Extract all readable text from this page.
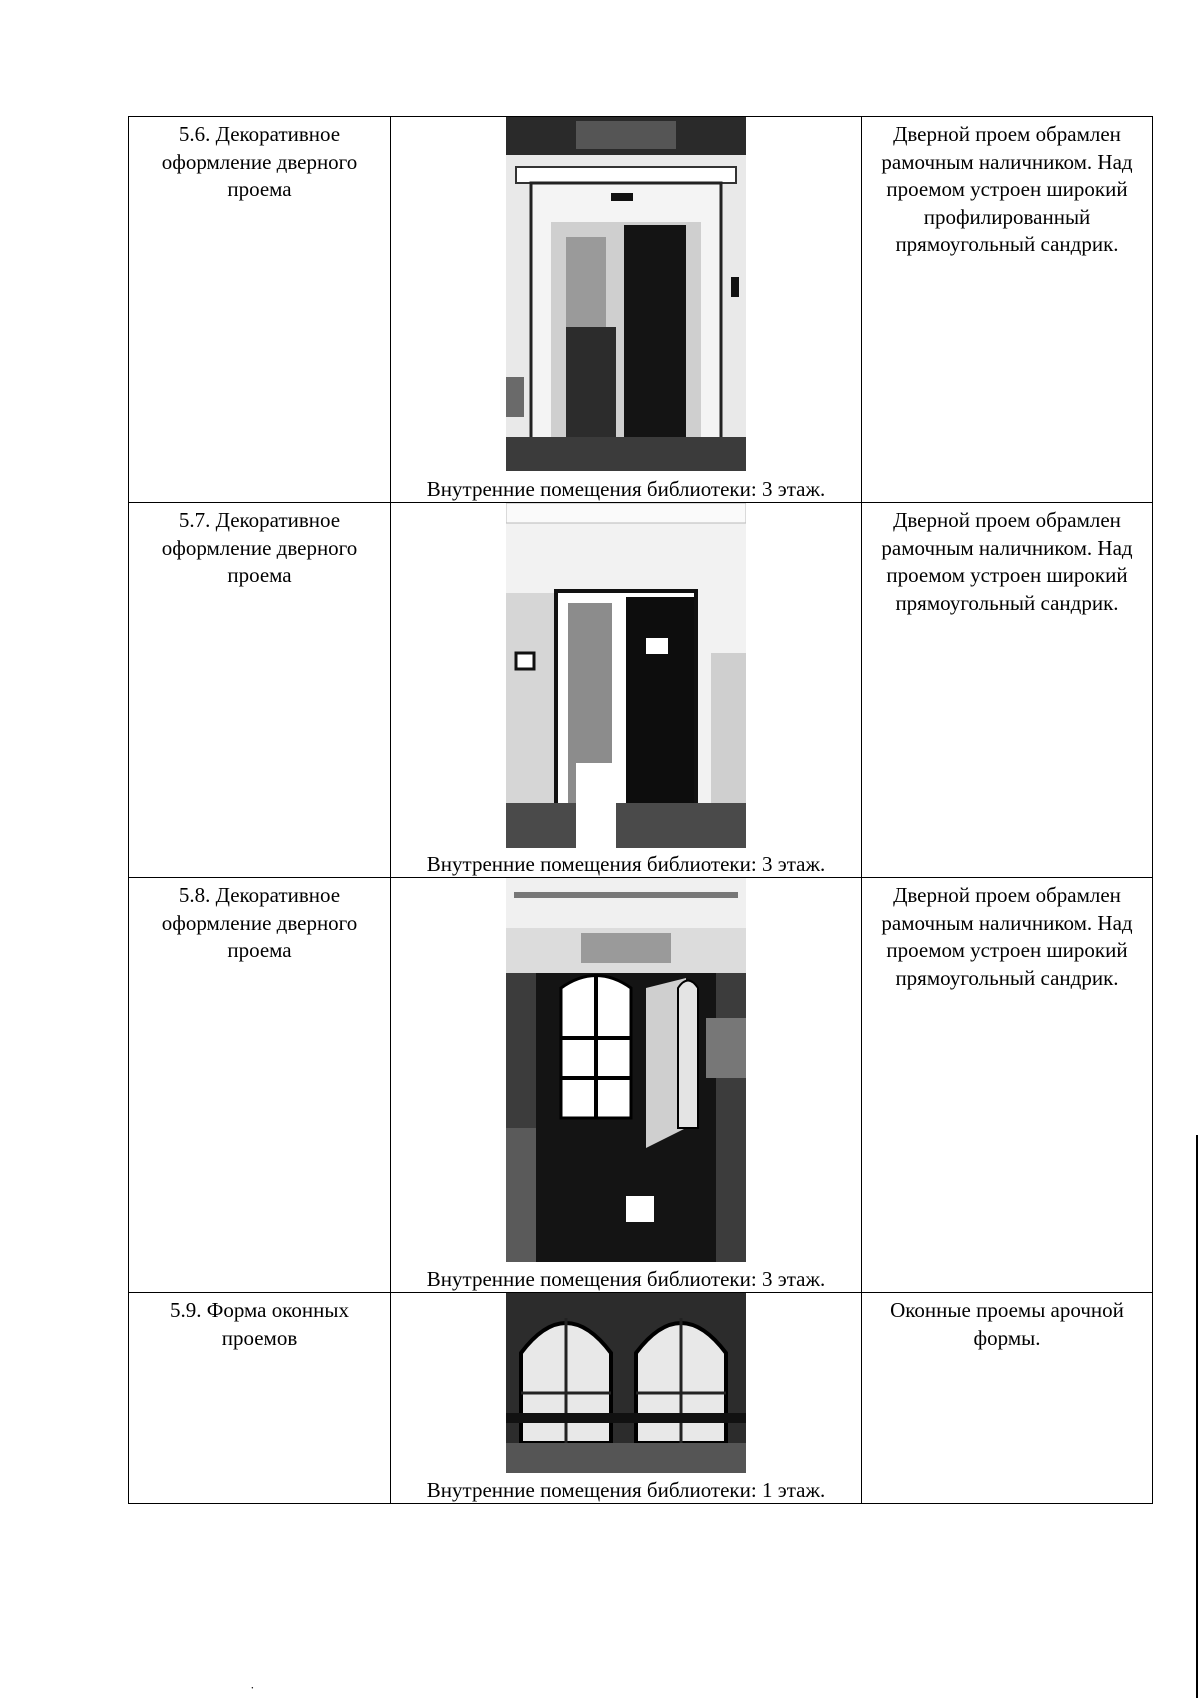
5.6. Декоративное оформление дверного проема	Внутренние помещения библиотеки: 3 этаж.	Дверной проем обрамлен рамочным наличником. Над проемом устроен широкий профилированный прямоугольный сандрик.

5.7. Декоративное оформление дверного проема	Внутренние помещения библиотеки: 3 этаж.	Дверной проем обрамлен рамочным наличником. Над проемом устроен широкий прямоугольный сандрик.

5.8. Декоративное оформление дверного проема	Внутренние помещения библиотеки: 3 этаж.	Дверной проем обрамлен рамочным наличником. Над проемом устроен широкий прямоугольный сандрик.

5.9. Форма оконных проемов	Внутренние помещения библиотеки: 1 этаж.	Оконные проемы арочной формы.
˙
